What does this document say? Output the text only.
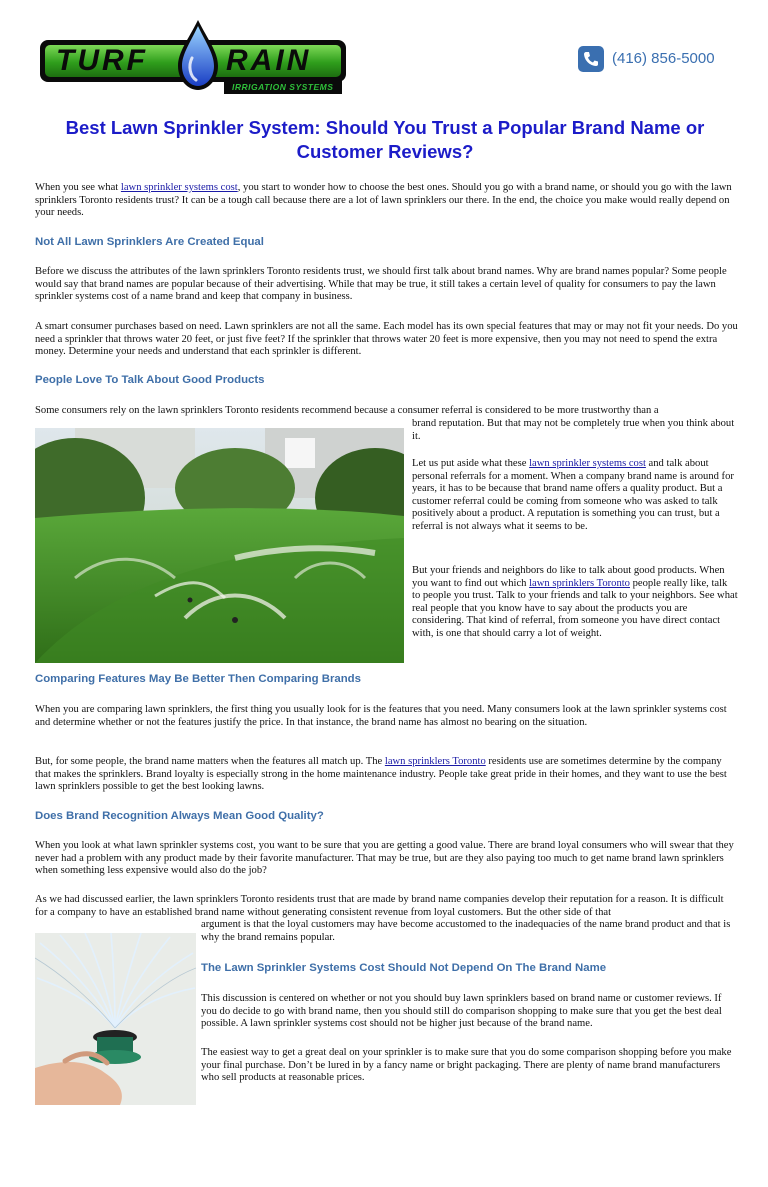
TURF	RAIN
IRRIGATION SYSTEMS
(416) 856-5000
Best Lawn Sprinkler System: Should You Trust a Popular Brand Name or Customer Reviews?

When you see what lawn sprinkler systems cost, you start to wonder how to choose the best ones. Should you go with a brand name, or should you go with the lawn sprinklers Toronto residents trust? It can be a tough call because there are a lot of lawn sprinklers our there. In the end, the choice you make would really depend on your needs.

Not All Lawn Sprinklers Are Created Equal

Before we discuss the attributes of the lawn sprinklers Toronto residents trust, we should first talk about brand names. Why are brand names popular? Some people would say that brand names are popular because of their advertising. While that may be true, it still takes a certain level of quality for consumers to pay the lawn sprinkler systems cost of a name brand and keep that company in business.

A smart consumer purchases based on need. Lawn sprinklers are not all the same. Each model has its own special features that may or may not fit your needs. Do you need a sprinkler that throws water 20 feet, or just five feet? If the sprinkler that throws water 20 feet is more expensive, then you may not need to spend the extra money. Determine your needs and understand that each sprinkler is different.

People Love To Talk About Good Products

Some consumers rely on the lawn sprinklers Toronto residents recommend because a consumer referral is considered to be more trustworthy than a

brand reputation. But that may not be completely true when you think about it.

Let us put aside what these lawn sprinkler systems cost and talk about personal referrals for a moment. When a company brand name is around for years, it has to be because that brand name offers a quality product. But a customer referral could be coming from someone who was asked to talk positively about a product. A reputation is something you can trust, but a referral is not always what it seems to be.

But your friends and neighbors do like to talk about good products. When you want to find out which lawn sprinklers Toronto people really like, talk to people you trust. Talk to your friends and talk to your neighbors. See what real people that you know have to say about the products you are considering. That kind of referral, from someone you have direct contact with, is one that should carry a lot of weight.

Comparing Features May Be Better Then Comparing Brands

When you are comparing lawn sprinklers, the first thing you usually look for is the features that you need. Many consumers look at the lawn sprinkler systems cost and determine whether or not the features justify the price. In that instance, the brand name has almost no bearing on the situation.

But, for some people, the brand name matters when the features all match up. The lawn sprinklers Toronto residents use are sometimes determine by the company that makes the sprinklers. Brand loyalty is especially strong in the home maintenance industry. People take great pride in their homes, and they want to use the best lawn sprinklers possible to get the best looking lawns.

Does Brand Recognition Always Mean Good Quality?

When you look at what lawn sprinkler systems cost, you want to be sure that you are getting a good value. There are brand loyal consumers who will swear that they never had a problem with any product made by their favorite manufacturer. That may be true, but are they also paying too much to get name brand lawn sprinklers when something less expensive would also do the job?

As we had discussed earlier, the lawn sprinklers Toronto residents trust that are made by brand name companies develop their reputation for a reason. It is difficult for a company to have an established brand name without generating consistent revenue from loyal customers. But the other side of that

argument is that the loyal customers may have become accustomed to the inadequacies of the name brand product and that is why the brand remains popular.

The Lawn Sprinkler Systems Cost Should Not Depend On The Brand Name

This discussion is centered on whether or not you should buy lawn sprinklers based on brand name or customer reviews. If you do decide to go with brand name, then you should still do comparison shopping to make sure that you get the best deal possible. A lawn sprinkler systems cost should not be higher just because of the brand name.

The easiest way to get a great deal on your sprinkler is to make sure that you do some comparison shopping before you make your final purchase. Don’t be lured in by a fancy name or bright packaging. There are plenty of name brand manufacturers who sell products at reasonable prices.
